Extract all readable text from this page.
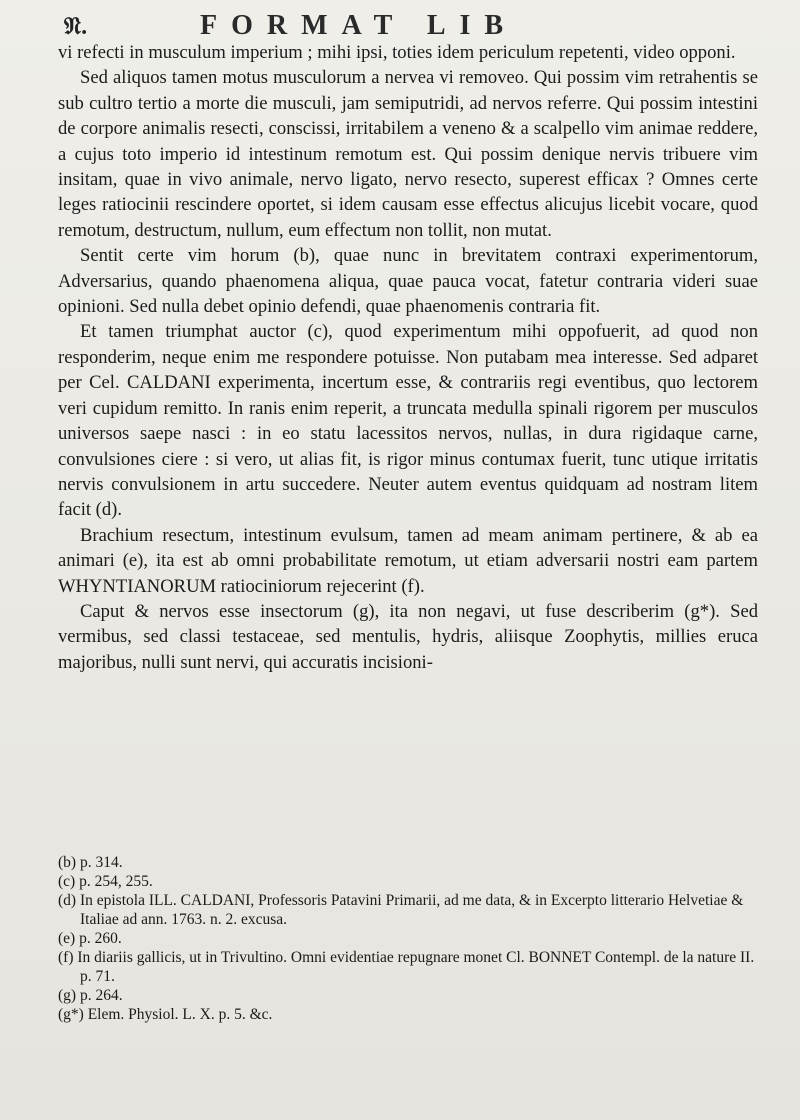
𝔑.	FORMAT LIB

vi refecti in musculum imperium ; mihi ipsi, toties idem periculum repetenti, video opponi.

Sed aliquos tamen motus musculorum a nervea vi removeo. Qui possim vim retrahentis se sub cultro tertio a morte die musculi, jam semiputridi, ad nervos referre. Qui possim intestini de corpore animalis resecti, conscissi, irritabilem a veneno & a scalpello vim animae reddere, a cujus toto imperio id intestinum remotum est. Qui possim denique nervis tribuere vim insitam, quae in vivo animale, nervo ligato, nervo resecto, superest efficax ? Omnes certe leges ratiocinii rescindere oportet, si idem causam esse effectus alicujus licebit vocare, quod remotum, destructum, nullum, eum effectum non tollit, non mutat.

Sentit certe vim horum (b), quae nunc in brevitatem contraxi experimentorum, Adversarius, quando phaenomena aliqua, quae pauca vocat, fatetur contraria videri suae opinioni. Sed nulla debet opinio defendi, quae phaenomenis contraria fit.

Et tamen triumphat auctor (c), quod experimentum mihi oppofuerit, ad quod non responderim, neque enim me respondere potuisse. Non putabam mea interesse. Sed adparet per Cel. CALDANI experimenta, incertum esse, & contrariis regi eventibus, quo lectorem veri cupidum remitto. In ranis enim reperit, a truncata medulla spinali rigorem per musculos universos saepe nasci : in eo statu lacessitos nervos, nullas, in dura rigidaque carne, convulsiones ciere : si vero, ut alias fit, is rigor minus contumax fuerit, tunc utique irritatis nervis convulsionem in artu succedere. Neuter autem eventus quidquam ad nostram litem facit (d).

Brachium resectum, intestinum evulsum, tamen ad meam animam pertinere, & ab ea animari (e), ita est ab omni probabilitate remotum, ut etiam adversarii nostri eam partem WHYNTIANORUM ratiociniorum rejecerint (f).

Caput & nervos esse insectorum (g), ita non negavi, ut fuse describerim (g*). Sed vermibus, sed classi testaceae, sed mentulis, hydris, aliisque Zoophytis, millies eruca majoribus, nulli sunt nervi, qui accuratis incisioni-

(b) p. 314.

(c) p. 254, 255.

(d) In epistola ILL. CALDANI, Professoris Patavini Primarii, ad me data, & in Excerpto litterario Helvetiae & Italiae ad ann. 1763. n. 2. excusa.

(e) p. 260.

(f) In diariis gallicis, ut in Trivultino. Omni evidentiae repugnare monet Cl. BONNET Contempl. de la nature II. p. 71.

(g) p. 264.

(g*) Elem. Physiol. L. X. p. 5. &c.
